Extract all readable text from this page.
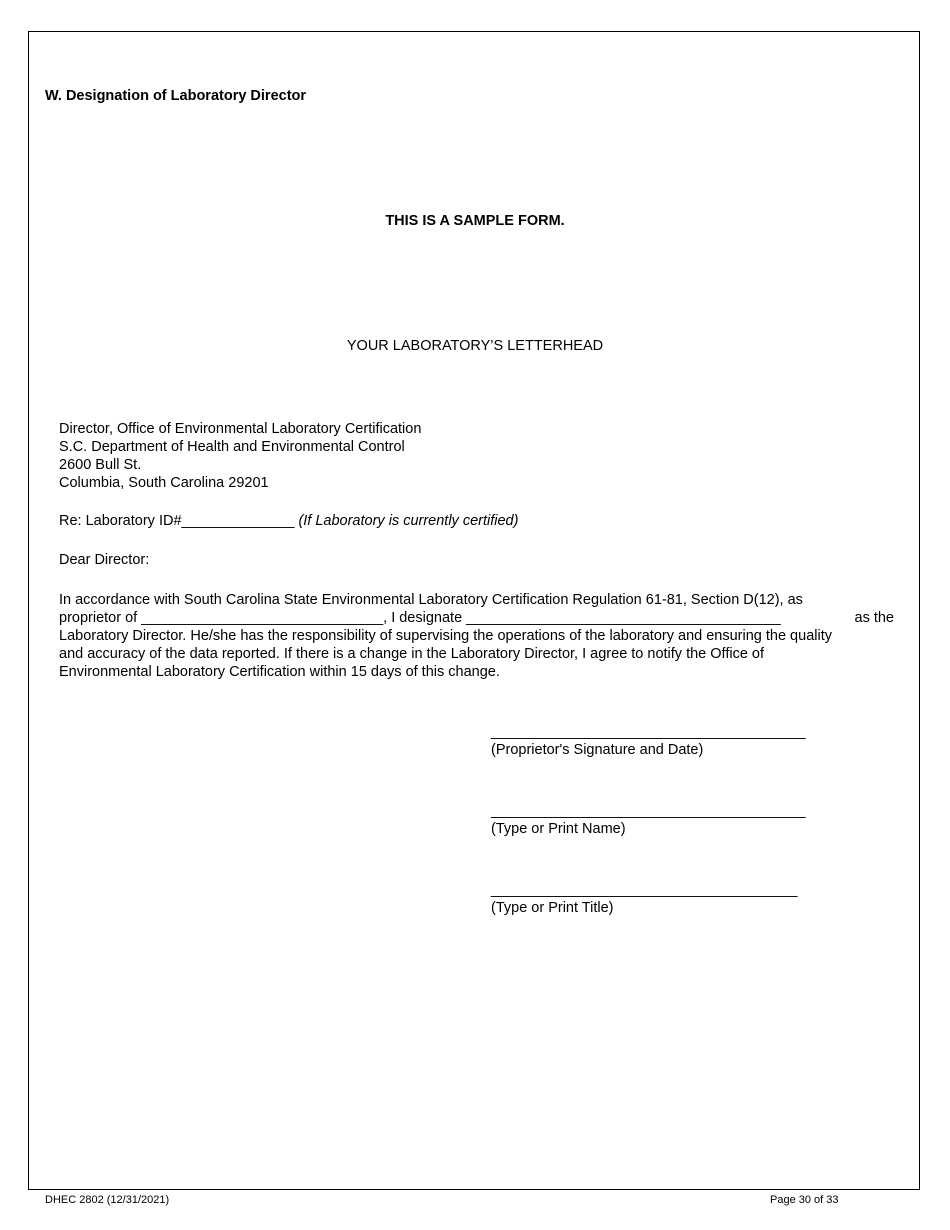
W. Designation of Laboratory Director
THIS IS A SAMPLE FORM.
YOUR LABORATORY’S LETTERHEAD
Director, Office of Environmental Laboratory Certification
S.C. Department of Health and Environmental Control
2600 Bull St.
Columbia, South Carolina 29201
Re: Laboratory ID#______________ (If Laboratory is currently certified)
Dear Director:
In accordance with South Carolina State Environmental Laboratory Certification Regulation 61-81, Section D(12), as
proprietor of ______________________________, I designate _______________________________________	as the
Laboratory Director. He/she has the responsibility of supervising the operations of the laboratory and ensuring the quality
and accuracy of the data reported. If there is a change in the Laboratory Director, I agree to notify the Office of
Environmental Laboratory Certification within 15 days of this change.
_______________________________________
(Proprietor's Signature and Date)
_______________________________________
(Type or Print Name)
______________________________________
(Type or Print Title)
DHEC 2802 (12/31/2021)	Page 30 of 33
